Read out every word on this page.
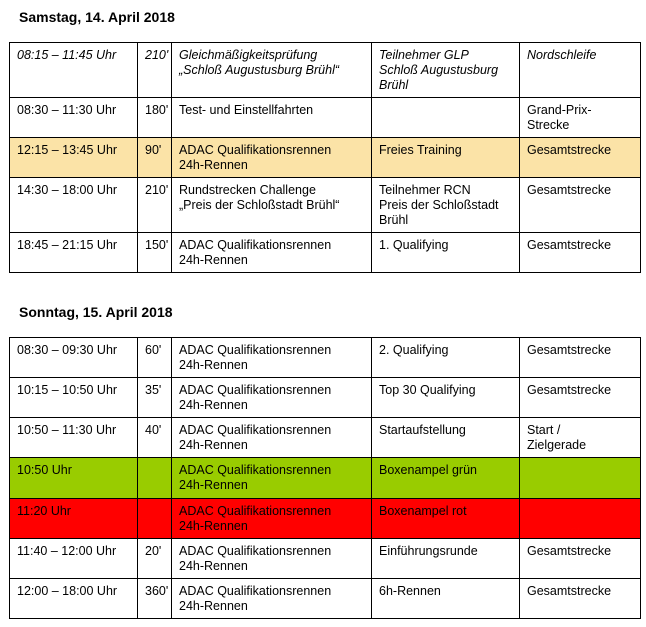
Samstag, 14. April 2018
08:15 – 11:45 Uhr	210'	Gleichmäßigkeitsprüfung
„Schloß Augustusburg Brühl“	Teilnehmer GLP
Schloß Augustusburg
Brühl	Nordschleife

08:30 – 11:30 Uhr	180'	Test- und Einstellfahrten		Grand-Prix-
Strecke

12:15 – 13:45 Uhr	90'	ADAC Qualifikationsrennen
24h-Rennen	Freies Training	Gesamtstrecke

14:30 – 18:00 Uhr	210'	Rundstrecken Challenge
„Preis der Schloßstadt Brühl“	Teilnehmer RCN
Preis der Schloßstadt
Brühl	Gesamtstrecke

18:45 – 21:15 Uhr	150'	ADAC Qualifikationsrennen
24h-Rennen	1. Qualifying	Gesamtstrecke
Sonntag, 15. April 2018
08:30 – 09:30 Uhr	60'	ADAC Qualifikationsrennen
24h-Rennen	2. Qualifying	Gesamtstrecke

10:15 – 10:50 Uhr	35'	ADAC Qualifikationsrennen
24h-Rennen	Top 30 Qualifying	Gesamtstrecke

10:50 – 11:30 Uhr	40'	ADAC Qualifikationsrennen
24h-Rennen	Startaufstellung	Start /
Zielgerade

10:50 Uhr		ADAC Qualifikationsrennen
24h-Rennen	Boxenampel grün	

11:20 Uhr		ADAC Qualifikationsrennen
24h-Rennen	Boxenampel rot	

11:40 – 12:00 Uhr	20'	ADAC Qualifikationsrennen
24h-Rennen	Einführungsrunde	Gesamtstrecke

12:00 – 18:00 Uhr	360'	ADAC Qualifikationsrennen
24h-Rennen	6h-Rennen	Gesamtstrecke
